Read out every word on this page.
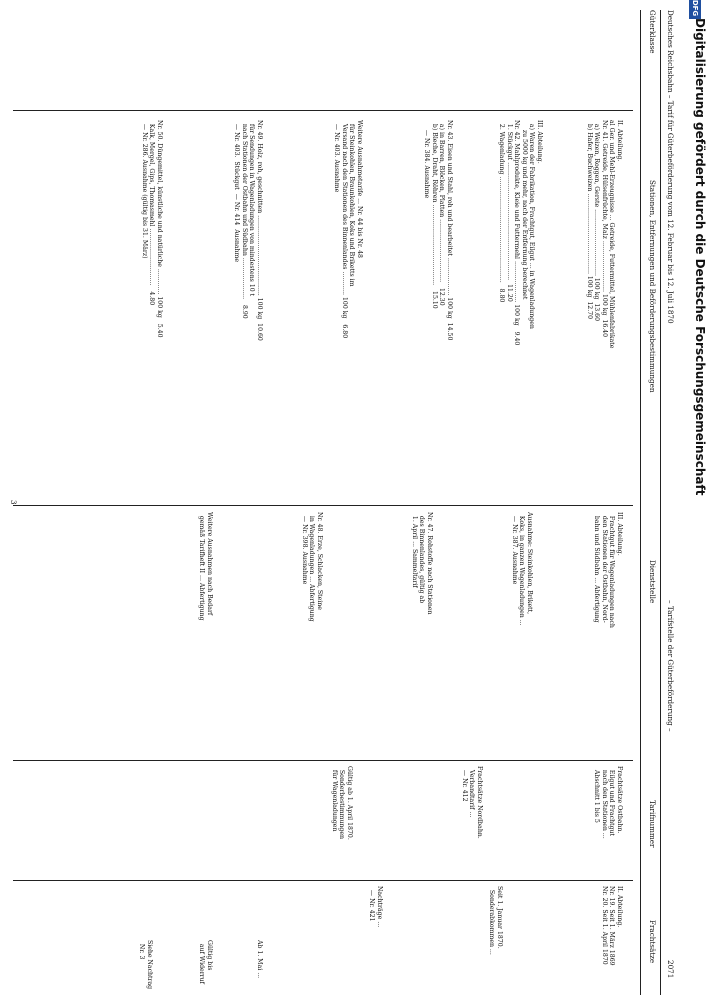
Deutsches Reichsbahn – Tarif für Güterbeförderung vom 12. Februar bis 12. Juli 1870
– Tarifstelle der Güterbeförderung –
2071
Güterklasse
Stationen, Entfernungen und Beförderungsbestimmungen
Dienststelle
Tarifnummer
Frachtsätze
II. Abteilung.
al Ger. und Mehl-Erzeugnisse ... Getreide, Futtermittel, Mühlenfabrikate
Nr. 41. Getreide, Hülsenfrüchte, Malz .......................... 100 kg  16.40
a) Weizen, Roggen, Gerste .................................. 100 kg  13.60
b) Hafer, Buchweizen ......................................... 100 kg  12.70
III. Abteilung.
a) Waren der Fabrikation, Frachtgut, Eilgut ... in Wagenladungen
zu 5000 kg und mehr, nach der Entfernung berechnet
Nr. 42. Mahlprodukte, Kleie und Futtermehl ..................... 100 kg   9.40
1. Stückgut ............................................................  11.20
2. Wagenladung ......................................................   8.80
Nr. 43. Eisen und Stahl, roh und bearbeitet ................... 100 kg  14.50
a) in Barren, Blöcken, Platten ................................   12.30
b) Bleche, Draht, Röhren .........................................   15.10
— Nr. 384. Ausnahme
Weitere Ausnahmetarife ... Nr. 44 bis Nr. 48
für Steinkohlen, Braunkohlen, Koks und Briketts im
Versand nach den Stationen des Binnenlandes ............ 100 kg   6.80
— Nr. 403. Ausnahme
Nr. 49. Holz, roh, geschnitten ......................................... 100 kg  10.60
für Sendungen in Wagenladungen von mindestens 10 t
nach Stationen der Ostbahn und Südbahn .....................   8.90
— Nr. 403.  Stückgut  — Nr. 414  Ausnahme
Nr. 50. Düngemittel, künstliche und natürliche ............. 100 kg   5.40
Kalk, Mergel, Gips, Thomasmehl .............................   4.80
— Nr. 286. Ausnahme (gültig bis 31. März)
III. Abteilung.
Frachtgut für Wagenladungen nach
den Stationen der Ostbahn, Nord-
bahn und Südbahn ... Abfertigung
Ausnahme: Steinkohlen, Brikett,
Koks, in ganzen Wagenladungen ...
— Nr. 387. Ausnahme
Nr. 47. Rohstoffe nach Stationen
des Binnenlandes, gültig ab
1. April ... Sammeltarif
Nr. 48. Erze, Schlacken, Steine
in Wagenladungen ... Abfertigung
— Nr. 398. Ausnahme
Weitere Ausnahmen nach Bedarf
gemäß Tarifheft II ... Abfertigung
Frachtsätze Ostbahn.
Eilgut und Frachtgut
nach den Stationen ...
Abschnitt 1 bis 5
Frachtsätze Nordbahn.
Verbandtarif ...
— Nr. 412
Gültig ab 1. April 1870.
Sonderbestimmungen
für Wagenladungen
II. Abteilung.
Nr. 19. Seit 1. März 1869
Nr. 20. Seit 1. April 1870
Seit 1. Januar 1870.
Sonderabkommen ...
Nachträge ...
— Nr. 421
Ab 1. Mai ...
Gültig bis
auf Widerruf
Siehe Nachtrag
Nr. 3
3
DFG
Digitalisierung gefördert durch die Deutsche Forschungsgemeinschaft
